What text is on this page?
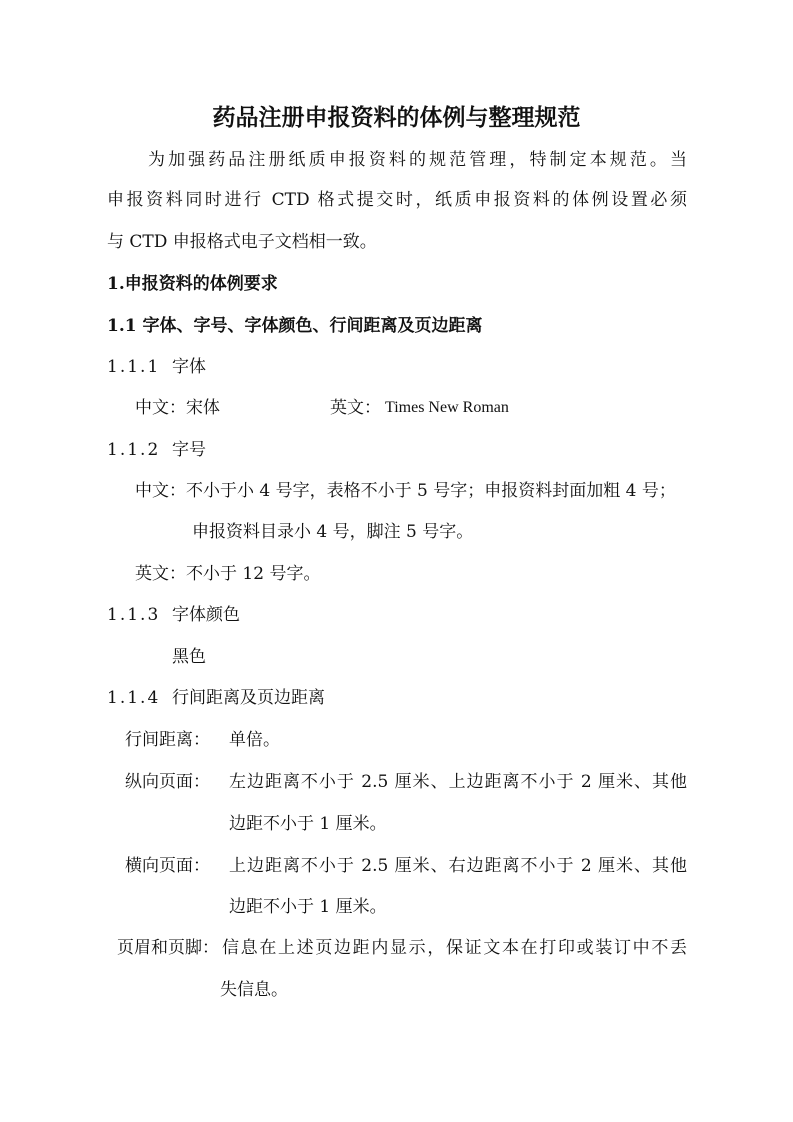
药品注册申报资料的体例与整理规范
为加强药品注册纸质申报资料的规范管理，特制定本规范。当
申报资料同时进行 CTD 格式提交时，纸质申报资料的体例设置必须
与 CTD 申报格式电子文档相一致。
1.申报资料的体例要求
1.1 字体、字号、字体颜色、行间距离及页边距离
1.1.1 字体
中文：宋体	英文： Times New Roman
1.1.2 字号
中文：不小于小 4 号字，表格不小于 5 号字；申报资料封面加粗 4 号；
申报资料目录小 4 号，脚注 5 号字。
英文：不小于 12 号字。
1.1.3 字体颜色
黑色
1.1.4 行间距离及页边距离
行间距离： 单倍。
纵向页面： 左边距离不小于 2.5 厘米、上边距离不小于 2 厘米、其他
边距不小于 1 厘米。
横向页面： 上边距离不小于 2.5 厘米、右边距离不小于 2 厘米、其他
边距不小于 1 厘米。
页眉和页脚： 信息在上述页边距内显示，保证文本在打印或装订中不丢
失信息。
